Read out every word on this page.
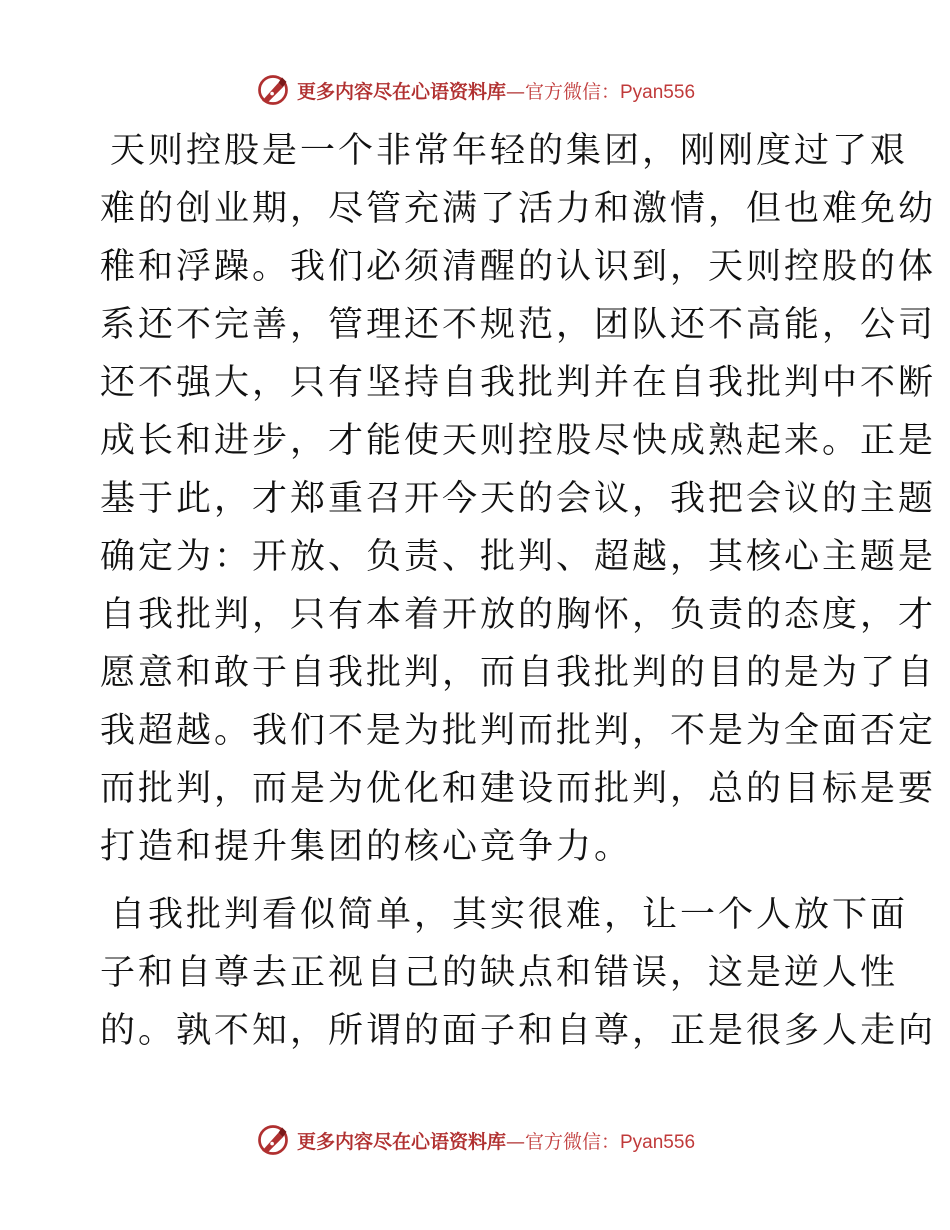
更多内容尽在心语资料库—官方微信：Pyan556
天则控股是一个非常年轻的集团，刚刚度过了艰
难的创业期，尽管充满了活力和激情，但也难免幼
稚和浮躁。我们必须清醒的认识到，天则控股的体
系还不完善，管理还不规范，团队还不高能，公司
还不强大，只有坚持自我批判并在自我批判中不断
成长和进步，才能使天则控股尽快成熟起来。正是
基于此，才郑重召开今天的会议，我把会议的主题
确定为：开放、负责、批判、超越，其核心主题是
自我批判，只有本着开放的胸怀，负责的态度，才
愿意和敢于自我批判，而自我批判的目的是为了自
我超越。我们不是为批判而批判，不是为全面否定
而批判，而是为优化和建设而批判，总的目标是要
打造和提升集团的核心竞争力。
自我批判看似简单，其实很难，让一个人放下面
子和自尊去正视自己的缺点和错误，这是逆人性
的。孰不知，所谓的面子和自尊，正是很多人走向
更多内容尽在心语资料库—官方微信：Pyan556
